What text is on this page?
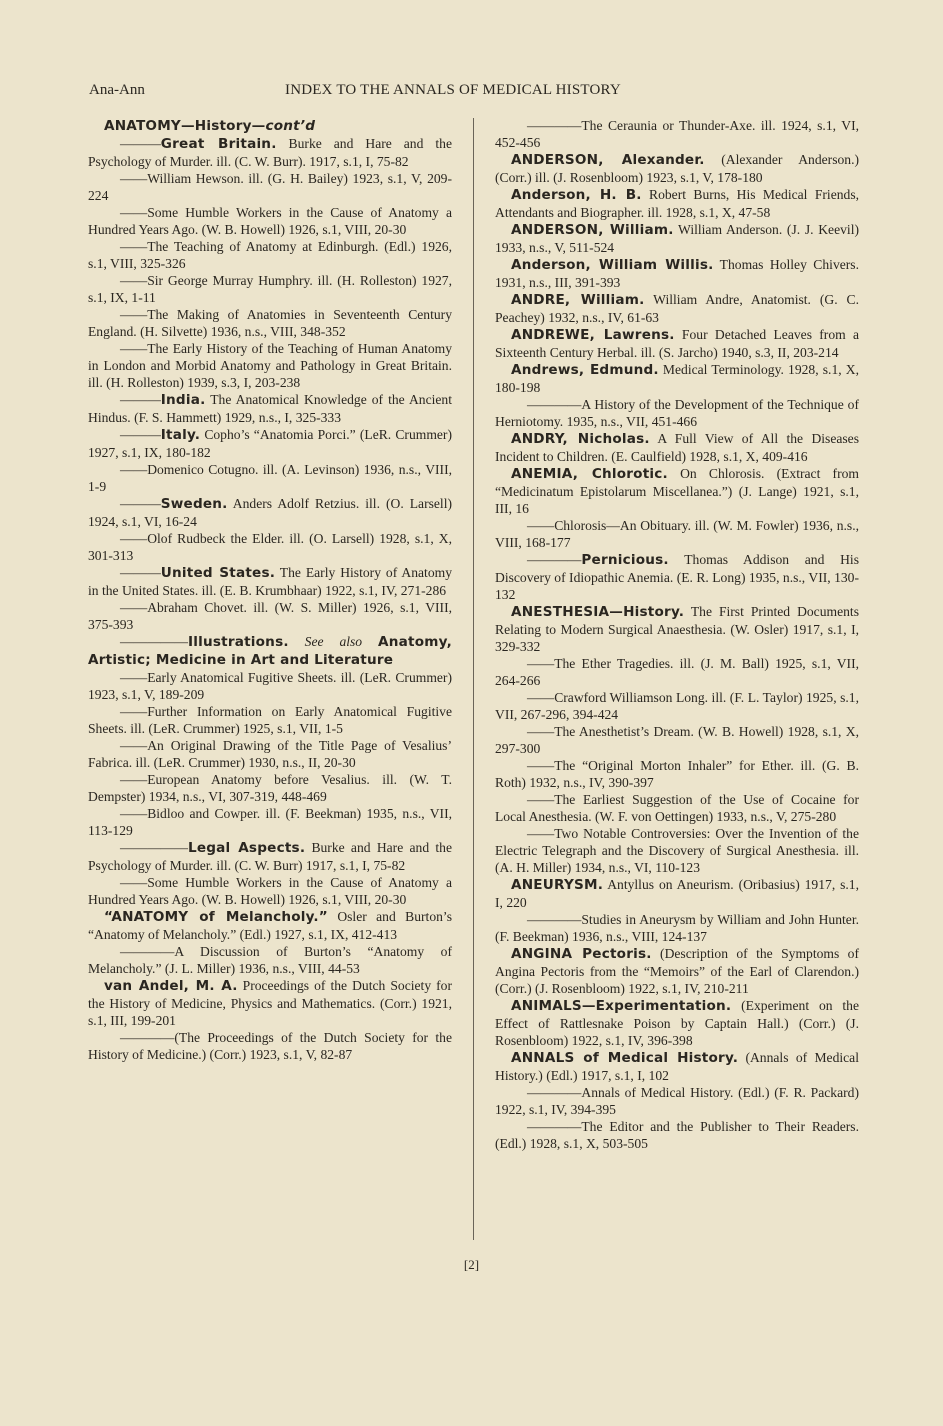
Ana-Ann	INDEX TO THE ANNALS OF MEDICAL HISTORY
ANATOMY—History—cont’d
———Great Britain. Burke and Hare and the Psychology of Murder. ill. (C. W. Burr). 1917, s.1, I, 75-82
——William Hewson. ill. (G. H. Bailey) 1923, s.1, V, 209-224
——Some Humble Workers in the Cause of Anatomy a Hundred Years Ago. (W. B. Howell) 1926, s.1, VIII, 20-30
——The Teaching of Anatomy at Edinburgh. (Edl.) 1926, s.1, VIII, 325-326
——Sir George Murray Humphry. ill. (H. Rolleston) 1927, s.1, IX, 1-11
——The Making of Anatomies in Seventeenth Century England. (H. Silvette) 1936, n.s., VIII, 348-352
——The Early History of the Teaching of Human Anatomy in London and Morbid Anatomy and Pathology in Great Britain. ill. (H. Rolleston) 1939, s.3, I, 203-238
———India. The Anatomical Knowledge of the Ancient Hindus. (F. S. Hammett) 1929, n.s., I, 325-333
———Italy. Copho’s “Anatomia Porci.” (LeR. Crummer) 1927, s.1, IX, 180-182
——Domenico Cotugno. ill. (A. Levinson) 1936, n.s., VIII, 1-9
———Sweden. Anders Adolf Retzius. ill. (O. Larsell) 1924, s.1, VI, 16-24
——Olof Rudbeck the Elder. ill. (O. Larsell) 1928, s.1, X, 301-313
———United States. The Early History of Anatomy in the United States. ill. (E. B. Krumbhaar) 1922, s.1, IV, 271-286
——Abraham Chovet. ill. (W. S. Miller) 1926, s.1, VIII, 375-393
—————Illustrations. See also Anatomy, Artistic; Medicine in Art and Literature
——Early Anatomical Fugitive Sheets. ill. (LeR. Crummer) 1923, s.1, V, 189-209
——Further Information on Early Anatomical Fugitive Sheets. ill. (LeR. Crummer) 1925, s.1, VII, 1-5
——An Original Drawing of the Title Page of Vesalius’ Fabrica. ill. (LeR. Crummer) 1930, n.s., II, 20-30
——European Anatomy before Vesalius. ill. (W. T. Dempster) 1934, n.s., VI, 307-319, 448-469
——Bidloo and Cowper. ill. (F. Beekman) 1935, n.s., VII, 113-129
—————Legal Aspects. Burke and Hare and the Psychology of Murder. ill. (C. W. Burr) 1917, s.1, I, 75-82
——Some Humble Workers in the Cause of Anatomy a Hundred Years Ago. (W. B. Howell) 1926, s.1, VIII, 20-30
“ANATOMY of Melancholy.” Osler and Burton’s “Anatomy of Melancholy.” (Edl.) 1927, s.1, IX, 412-413
————A Discussion of Burton’s “Anatomy of Melancholy.” (J. L. Miller) 1936, n.s., VIII, 44-53
van Andel, M. A. Proceedings of the Dutch Society for the History of Medicine, Physics and Mathematics. (Corr.) 1921, s.1, III, 199-201
————(The Proceedings of the Dutch Society for the History of Medicine.) (Corr.) 1923, s.1, V, 82-87
————The Ceraunia or Thunder-Axe. ill. 1924, s.1, VI, 452-456
ANDERSON, Alexander. (Alexander Anderson.) (Corr.) ill. (J. Rosenbloom) 1923, s.1, V, 178-180
Anderson, H. B. Robert Burns, His Medical Friends, Attendants and Biographer. ill. 1928, s.1, X, 47-58
ANDERSON, William. William Anderson. (J. J. Keevil) 1933, n.s., V, 511-524
Anderson, William Willis. Thomas Holley Chivers. 1931, n.s., III, 391-393
ANDRE, William. William Andre, Anatomist. (G. C. Peachey) 1932, n.s., IV, 61-63
ANDREWE, Lawrens. Four Detached Leaves from a Sixteenth Century Herbal. ill. (S. Jarcho) 1940, s.3, II, 203-214
Andrews, Edmund. Medical Terminology. 1928, s.1, X, 180-198
————A History of the Development of the Technique of Herniotomy. 1935, n.s., VII, 451-466
ANDRY, Nicholas. A Full View of All the Diseases Incident to Children. (E. Caulfield) 1928, s.1, X, 409-416
ANEMIA, Chlorotic. On Chlorosis. (Extract from “Medicinatum Epistolarum Miscellanea.”) (J. Lange) 1921, s.1, III, 16
——Chlorosis—An Obituary. ill. (W. M. Fowler) 1936, n.s., VIII, 168-177
————Pernicious. Thomas Addison and His Discovery of Idiopathic Anemia. (E. R. Long) 1935, n.s., VII, 130-132
ANESTHESIA—History. The First Printed Documents Relating to Modern Surgical Anaesthesia. (W. Osler) 1917, s.1, I, 329-332
——The Ether Tragedies. ill. (J. M. Ball) 1925, s.1, VII, 264-266
——Crawford Williamson Long. ill. (F. L. Taylor) 1925, s.1, VII, 267-296, 394-424
——The Anesthetist’s Dream. (W. B. Howell) 1928, s.1, X, 297-300
——The “Original Morton Inhaler” for Ether. ill. (G. B. Roth) 1932, n.s., IV, 390-397
——The Earliest Suggestion of the Use of Cocaine for Local Anesthesia. (W. F. von Oettingen) 1933, n.s., V, 275-280
——Two Notable Controversies: Over the Invention of the Electric Telegraph and the Discovery of Surgical Anesthesia. ill. (A. H. Miller) 1934, n.s., VI, 110-123
ANEURYSM. Antyllus on Aneurism. (Oribasius) 1917, s.1, I, 220
————Studies in Aneurysm by William and John Hunter. (F. Beekman) 1936, n.s., VIII, 124-137
ANGINA Pectoris. (Description of the Symptoms of Angina Pectoris from the “Memoirs” of the Earl of Clarendon.) (Corr.) (J. Rosenbloom) 1922, s.1, IV, 210-211
ANIMALS—Experimentation. (Experiment on the Effect of Rattlesnake Poison by Captain Hall.) (Corr.) (J. Rosenbloom) 1922, s.1, IV, 396-398
ANNALS of Medical History. (Annals of Medical History.) (Edl.) 1917, s.1, I, 102
————Annals of Medical History. (Edl.) (F. R. Packard) 1922, s.1, IV, 394-395
————The Editor and the Publisher to Their Readers. (Edl.) 1928, s.1, X, 503-505
[2]
